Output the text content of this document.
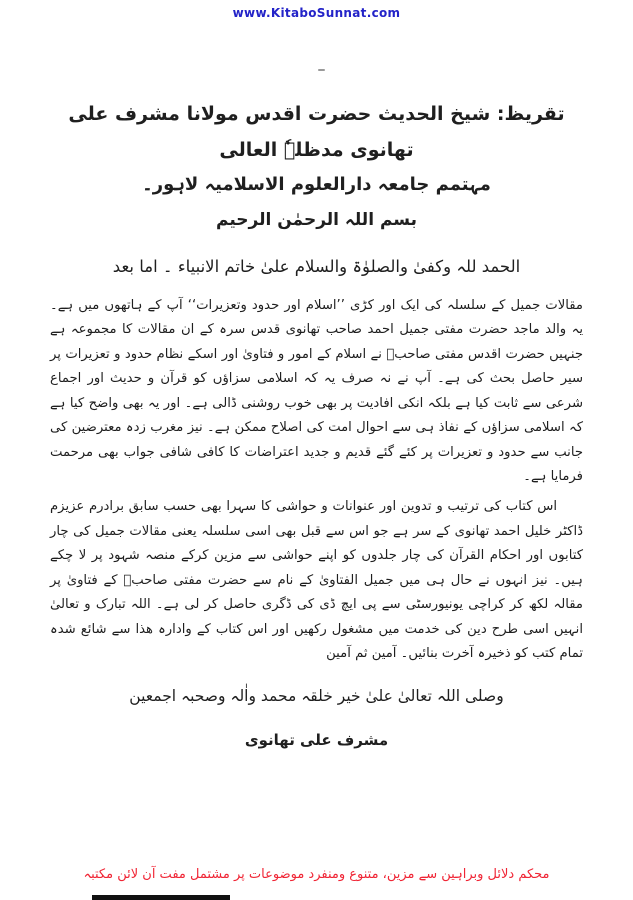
www.KitaboSunnat.com
تقریظ: شیخ الحدیث حضرت اقدس مولانا مشرف علی تھانوی مدظلہٗ العالی
مہتمم جامعہ دارالعلوم الاسلامیہ لاہور۔
بسم اللہ الرحمٰن الرحیم
الحمد للہ وکفیٰ والصلوٰۃ والسلام علیٰ خاتم الانبیاء ۔ اما بعد

مقالات جمیل کے سلسلہ کی ایک اور کڑی ’’اسلام اور حدود وتعزیرات‘‘ آپ کے ہاتھوں میں ہے۔ یہ والد ماجد حضرت مفتی جمیل احمد صاحب تھانوی قدس سرہ کے ان مقالات کا مجموعہ ہے جنہیں حضرت اقدس مفتی صاحبؒ نے اسلام کے امور و فتاویٰ اور اسکے نظام حدود و تعزیرات پر سیر حاصل بحث کی ہے۔ آپ نے نہ صرف یہ کہ اسلامی سزاؤں کو قرآن و حدیث اور اجماع شرعی سے ثابت کیا ہے بلکہ انکی افادیت پر بھی خوب روشنی ڈالی ہے۔ اور یہ بھی واضح کیا ہے کہ اسلامی سزاؤں کے نفاذ ہی سے احوال امت کی اصلاح ممکن ہے۔ نیز مغرب زدہ معترضین کی جانب سے حدود و تعزیرات پر کئے گئے قدیم و جدید اعتراضات کا کافی شافی جواب بھی مرحمت فرمایا ہے۔

اس کتاب کی ترتیب و تدوین اور عنوانات و حواشی کا سہرا بھی حسب سابق برادرم عزیزم ڈاکٹر خلیل احمد تھانوی کے سر ہے جو اس سے قبل بھی اسی سلسلہ یعنی مقالات جمیل کی چار کتابوں اور احکام القرآن کی چار جلدوں کو اپنے حواشی سے مزین کرکے منصہ شہود پر لا چکے ہیں۔ نیز انہوں نے حال ہی میں جمیل الفتاویٰ کے نام سے حضرت مفتی صاحبؒ کے فتاویٰ پر مقالہ لکھ کر کراچی یونیورسٹی سے پی ایچ ڈی کی ڈگری حاصل کر لی ہے۔ اللہ تبارک و تعالیٰ انہیں اسی طرح دین کی خدمت میں مشغول رکھیں اور اس کتاب کے وادارہ ھذا سے شائع شدہ تمام کتب کو ذخیرہ آخرت بنائیں۔ آمین ثم آمین

وصلی اللہ تعالیٰ علیٰ خیر خلقہ محمد واٰلہ وصحبہ اجمعین
مشرف علی تھانوی
محکم دلائل وبراہین سے مزین، متنوع ومنفرد موضوعات پر مشتمل مفت آن لائن مکتبہ
